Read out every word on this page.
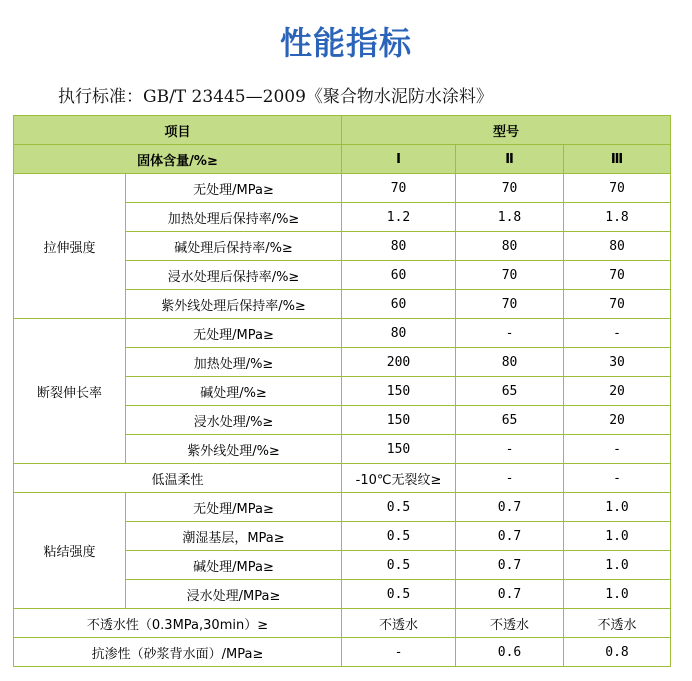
性能指标
执行标准：GB/T 23445—2009《聚合物水泥防水涂料》
项目		型号		
固体含量/%≥		Ⅰ	Ⅱ	Ⅲ
拉伸强度	无处理/MPa≥	70	70	70
	加热处理后保持率/%≥	1.2	1.8	1.8
	碱处理后保持率/%≥	80	80	80
	浸水处理后保持率/%≥	60	70	70
	紫外线处理后保持率/%≥	60	70	70
断裂伸长率	无处理/MPa≥	80	-	-
	加热处理/%≥	200	80	30
	碱处理/%≥	150	65	20
	浸水处理/%≥	150	65	20
	紫外线处理/%≥	150	-	-
低温柔性		-10℃无裂纹≥	-	-
粘结强度	无处理/MPa≥	0.5	0.7	1.0
	潮湿基层，MPa≥	0.5	0.7	1.0
	碱处理/MPa≥	0.5	0.7	1.0
	浸水处理/MPa≥	0.5	0.7	1.0
不透水性（0.3MPa,30min）≥		不透水	不透水	不透水
抗渗性（砂浆背水面）/MPa≥		-	0.6	0.8
